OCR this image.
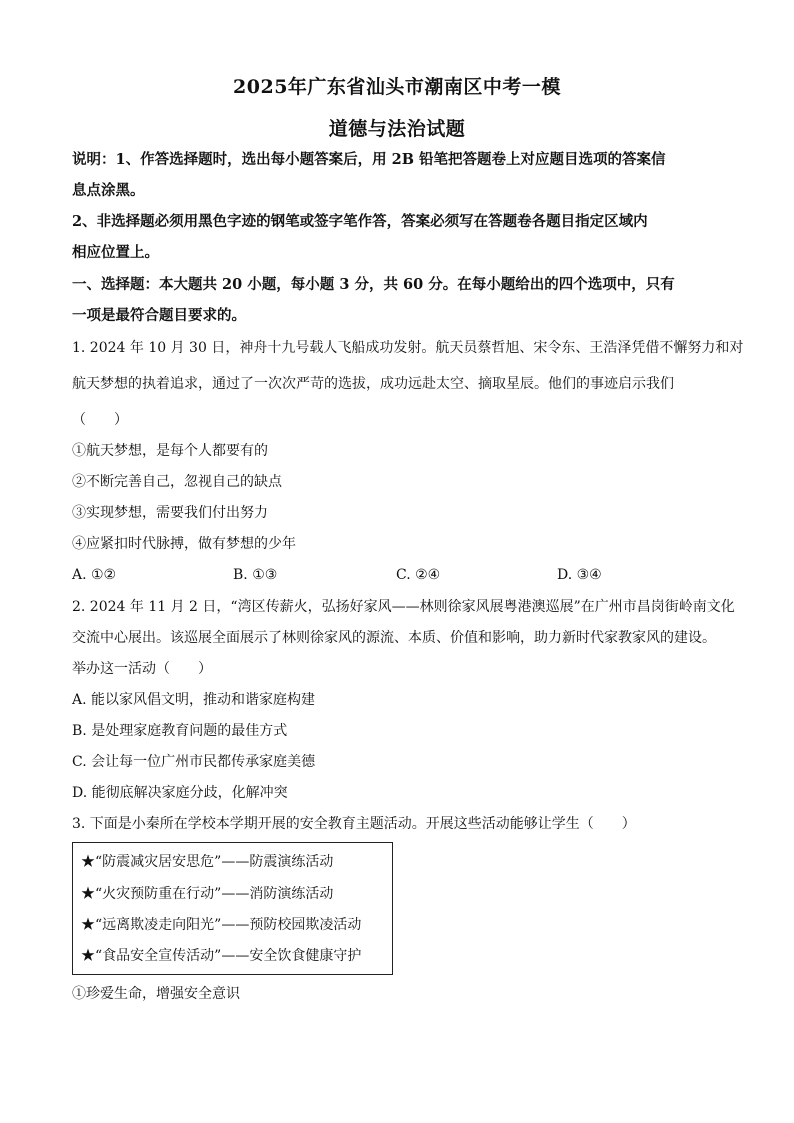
2025年广东省汕头市潮南区中考一模
道德与法治试题
说明：1、作答选择题时，选出每小题答案后，用 2B 铅笔把答题卷上对应题目选项的答案信
息点涂黑。
2、非选择题必须用黑色字迹的钢笔或签字笔作答，答案必须写在答题卷各题目指定区域内
相应位置上。
一、选择题：本大题共 20 小题，每小题 3 分，共 60 分。在每小题给出的四个选项中，只有
一项是最符合题目要求的。
1. 2024 年 10 月 30 日，神舟十九号载人飞船成功发射。航天员蔡哲旭、宋令东、王浩泽凭借不懈努力和对
航天梦想的执着追求，通过了一次次严苛的选拔，成功远赴太空、摘取星辰。他们的事迹启示我们
（　　）
①航天梦想，是每个人都要有的
②不断完善自己，忽视自己的缺点
③实现梦想，需要我们付出努力
④应紧扣时代脉搏，做有梦想的少年
A. ①②	B. ①③	C. ②④	D. ③④
2. 2024 年 11 月 2 日，“湾区传薪火，弘扬好家风——林则徐家风展粤港澳巡展”在广州市昌岗街岭南文化
交流中心展出。该巡展全面展示了林则徐家风的源流、本质、价值和影响，助力新时代家教家风的建设。
举办这一活动（　　）
A. 能以家风倡文明，推动和谐家庭构建
B. 是处理家庭教育问题的最佳方式
C. 会让每一位广州市民都传承家庭美德
D. 能彻底解决家庭分歧，化解冲突
3. 下面是小秦所在学校本学期开展的安全教育主题活动。开展这些活动能够让学生（　　）
★“防震减灾居安思危”——防震演练活动
★“火灾预防重在行动”——消防演练活动
★“远离欺凌走向阳光”——预防校园欺凌活动
★“食品安全宣传活动”——安全饮食健康守护
①珍爱生命，增强安全意识
